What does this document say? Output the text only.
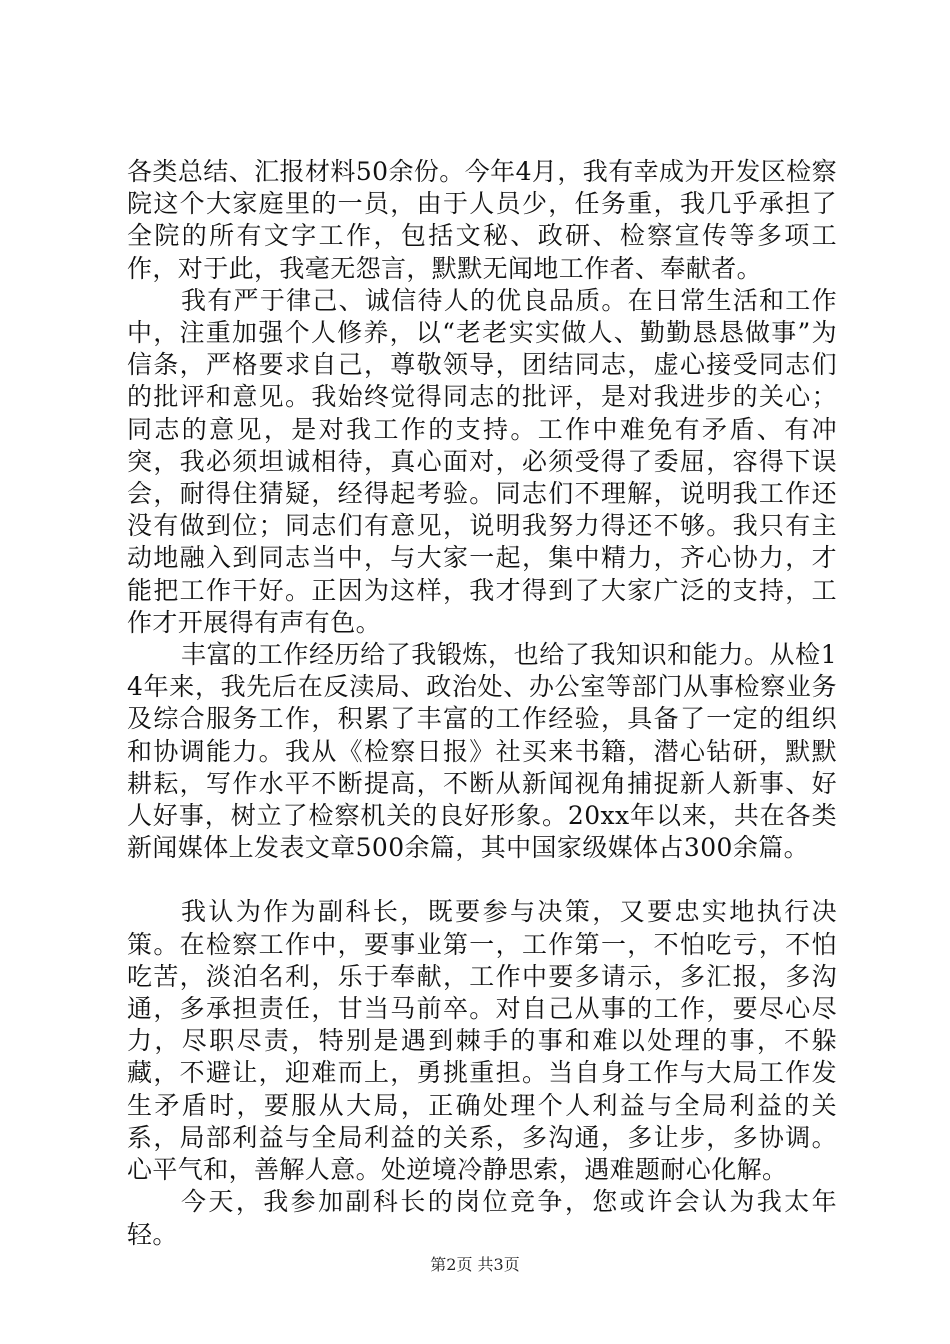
各类总结、汇报材料50余份。今年4月，我有幸成为开发区检察院这个大家庭里的一员，由于人员少，任务重，我几乎承担了全院的所有文字工作，包括文秘、政研、检察宣传等多项工作，对于此，我毫无怨言，默默无闻地工作者、奉献者。

我有严于律己、诚信待人的优良品质。在日常生活和工作中，注重加强个人修养，以“老老实实做人、勤勤恳恳做事”为信条，严格要求自己，尊敬领导，团结同志，虚心接受同志们的批评和意见。我始终觉得同志的批评，是对我进步的关心；同志的意见，是对我工作的支持。工作中难免有矛盾、有冲突，我必须坦诚相待，真心面对，必须受得了委屈，容得下误会，耐得住猜疑，经得起考验。同志们不理解，说明我工作还没有做到位；同志们有意见，说明我努力得还不够。我只有主动地融入到同志当中，与大家一起，集中精力，齐心协力，才能把工作干好。正因为这样，我才得到了大家广泛的支持，工作才开展得有声有色。

丰富的工作经历给了我锻炼，也给了我知识和能力。从检14年来，我先后在反渎局、政治处、办公室等部门从事检察业务及综合服务工作，积累了丰富的工作经验，具备了一定的组织和协调能力。我从《检察日报》社买来书籍，潜心钻研，默默耕耘，写作水平不断提高，不断从新闻视角捕捉新人新事、好人好事，树立了检察机关的良好形象。20xx年以来，共在各类新闻媒体上发表文章500余篇，其中国家级媒体占300余篇。

我认为作为副科长，既要参与决策，又要忠实地执行决策。在检察工作中，要事业第一，工作第一，不怕吃亏，不怕吃苦，淡泊名利，乐于奉献，工作中要多请示，多汇报，多沟通，多承担责任，甘当马前卒。对自己从事的工作，要尽心尽力，尽职尽责，特别是遇到棘手的事和难以处理的事，不躲藏，不避让，迎难而上，勇挑重担。当自身工作与大局工作发生矛盾时，要服从大局，正确处理个人利益与全局利益的关系，局部利益与全局利益的关系，多沟通，多让步，多协调。心平气和，善解人意。处逆境冷静思索，遇难题耐心化解。

今天，我参加副科长的岗位竞争，您或许会认为我太年轻。

第2页 共3页
